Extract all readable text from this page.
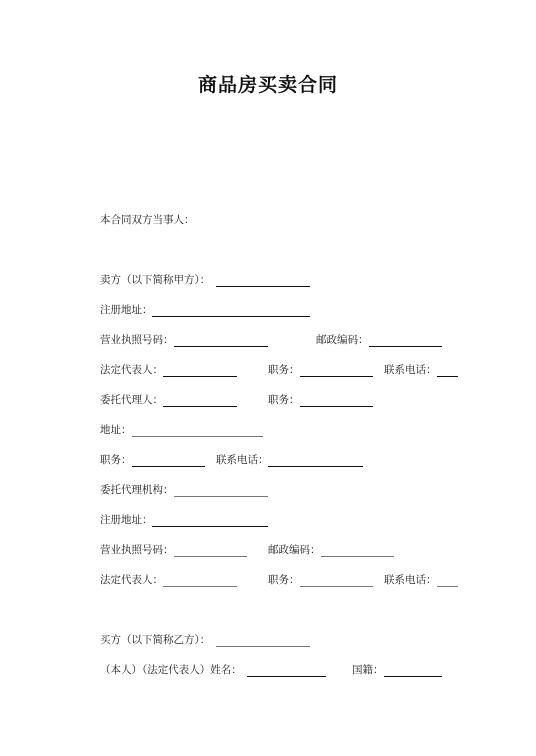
商品房买卖合同
本合同双方当事人：
卖方（以下简称甲方）：
注册地址：
营业执照号码：	邮政编码：
法定代表人：	职务：	联系电话：
委托代理人：	职务：
地址：
职务：	联系电话：
委托代理机构：
注册地址：
营业执照号码：	邮政编码：
法定代表人：	职务：	联系电话：
买方（以下简称乙方）：
（本人）（法定代表人）姓名：	国籍：
